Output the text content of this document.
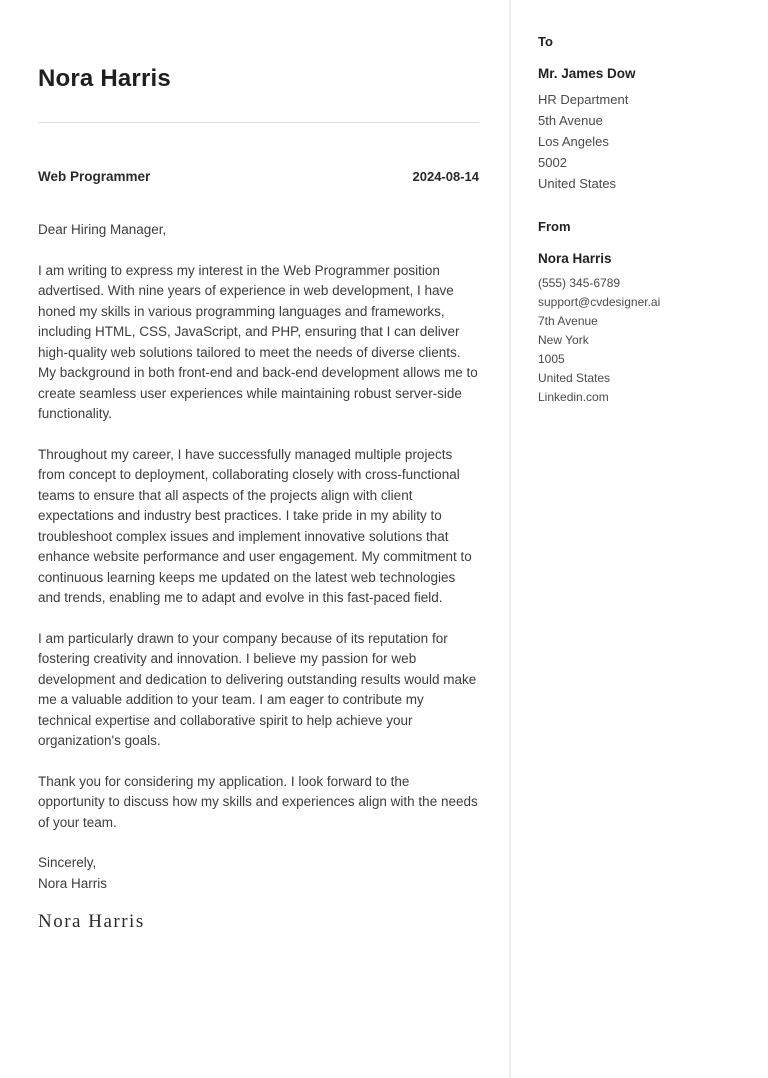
Nora Harris
Web Programmer	2024-08-14

Dear Hiring Manager,

I am writing to express my interest in the Web Programmer position advertised. With nine years of experience in web development, I have honed my skills in various programming languages and frameworks, including HTML, CSS, JavaScript, and PHP, ensuring that I can deliver high-quality web solutions tailored to meet the needs of diverse clients. My background in both front-end and back-end development allows me to create seamless user experiences while maintaining robust server-side functionality.

Throughout my career, I have successfully managed multiple projects from concept to deployment, collaborating closely with cross-functional teams to ensure that all aspects of the projects align with client expectations and industry best practices. I take pride in my ability to troubleshoot complex issues and implement innovative solutions that enhance website performance and user engagement. My commitment to continuous learning keeps me updated on the latest web technologies and trends, enabling me to adapt and evolve in this fast-paced field.

I am particularly drawn to your company because of its reputation for fostering creativity and innovation. I believe my passion for web development and dedication to delivering outstanding results would make me a valuable addition to your team. I am eager to contribute my technical expertise and collaborative spirit to help achieve your organization's goals.

Thank you for considering my application. I look forward to the opportunity to discuss how my skills and experiences align with the needs of your team.

Sincerely,
Nora Harris
Nora Harris
To
Mr. James Dow
HR Department
5th Avenue
Los Angeles
5002
United States
From
Nora Harris
(555) 345-6789
support@cvdesigner.ai
7th Avenue
New York
1005
United States
Linkedin.com
